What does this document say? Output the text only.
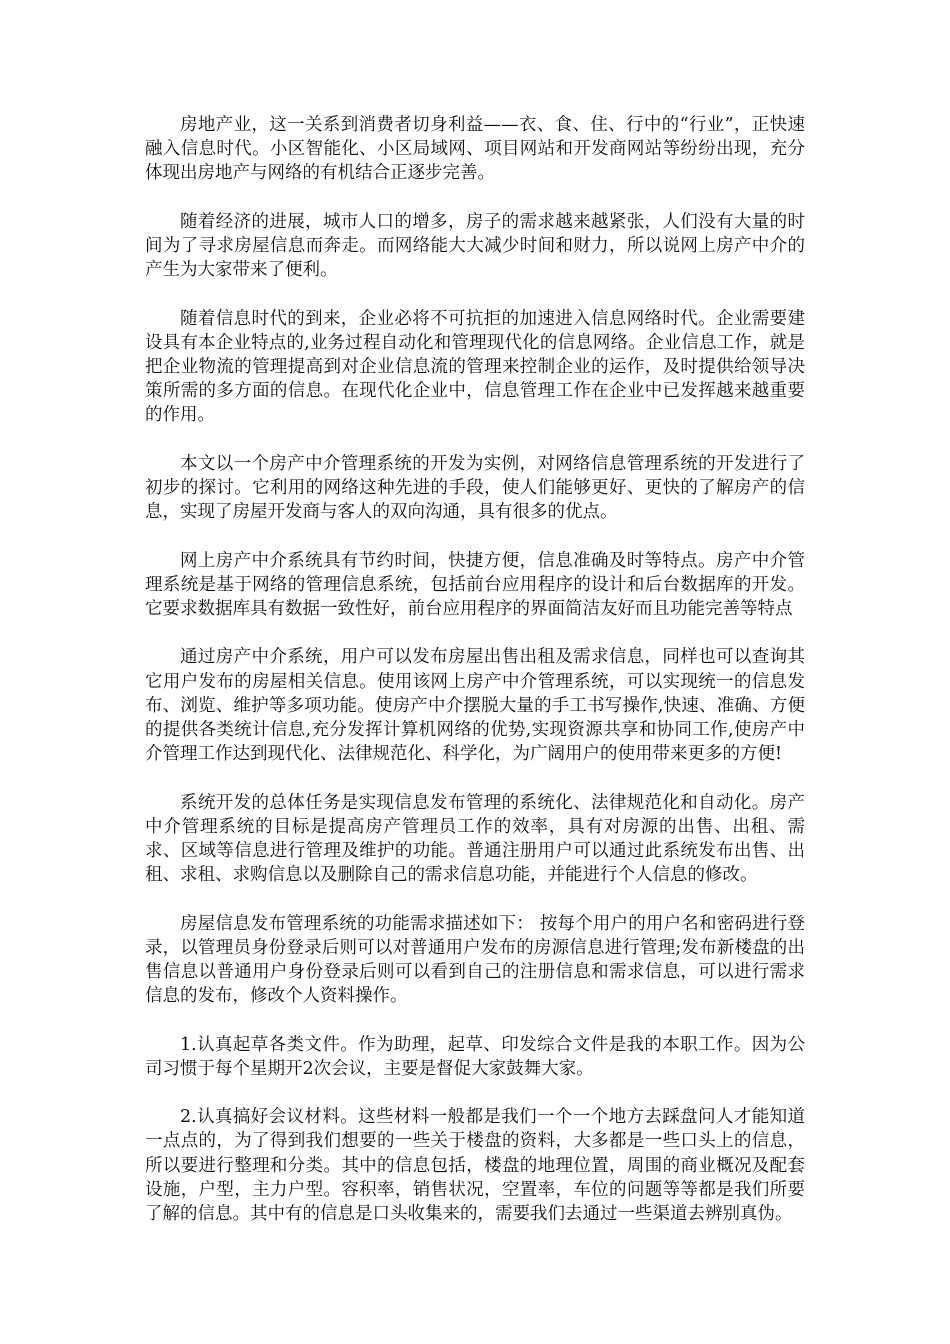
房地产业，这一关系到消费者切身利益——衣、食、住、行中的“行业”，正快速融入信息时代。小区智能化、小区局域网、项目网站和开发商网站等纷纷出现，充分体现出房地产与网络的有机结合正逐步完善。

随着经济的进展，城市人口的增多，房子的需求越来越紧张，人们没有大量的时间为了寻求房屋信息而奔走。而网络能大大减少时间和财力，所以说网上房产中介的产生为大家带来了便利。

随着信息时代的到来，企业必将不可抗拒的加速进入信息网络时代。企业需要建设具有本企业特点的,业务过程自动化和管理现代化的信息网络。企业信息工作，就是把企业物流的管理提高到对企业信息流的管理来控制企业的运作，及时提供给领导决策所需的多方面的信息。在现代化企业中，信息管理工作在企业中已发挥越来越重要的作用。

本文以一个房产中介管理系统的开发为实例，对网络信息管理系统的开发进行了初步的探讨。它利用的网络这种先进的手段，使人们能够更好、更快的了解房产的信息，实现了房屋开发商与客人的双向沟通，具有很多的优点。

网上房产中介系统具有节约时间，快捷方便，信息准确及时等特点。房产中介管理系统是基于网络的管理信息系统，包括前台应用程序的设计和后台数据库的开发。它要求数据库具有数据一致性好，前台应用程序的界面简洁友好而且功能完善等特点

通过房产中介系统，用户可以发布房屋出售出租及需求信息，同样也可以查询其它用户发布的房屋相关信息。使用该网上房产中介管理系统，可以实现统一的信息发布、浏览、维护等多项功能。使房产中介摆脱大量的手工书写操作,快速、准确、方便的提供各类统计信息,充分发挥计算机网络的优势,实现资源共享和协同工作,使房产中介管理工作达到现代化、法律规范化、科学化，为广阔用户的使用带来更多的方便!

系统开发的总体任务是实现信息发布管理的系统化、法律规范化和自动化。房产中介管理系统的目标是提高房产管理员工作的效率，具有对房源的出售、出租、需求、区域等信息进行管理及维护的功能。普通注册用户可以通过此系统发布出售、出租、求租、求购信息以及删除自己的需求信息功能，并能进行个人信息的修改。

房屋信息发布管理系统的功能需求描述如下： 按每个用户的用户名和密码进行登录，以管理员身份登录后则可以对普通用户发布的房源信息进行管理;发布新楼盘的出售信息以普通用户身份登录后则可以看到自己的注册信息和需求信息，可以进行需求信息的发布，修改个人资料操作。

1.认真起草各类文件。作为助理，起草、印发综合文件是我的本职工作。因为公司习惯于每个星期开2次会议，主要是督促大家鼓舞大家。

2.认真搞好会议材料。这些材料一般都是我们一个一个地方去踩盘问人才能知道一点点的，为了得到我们想要的一些关于楼盘的资料，大多都是一些口头上的信息，所以要进行整理和分类。其中的信息包括，楼盘的地理位置，周围的商业概况及配套设施，户型，主力户型。容积率，销售状况，空置率，车位的问题等等都是我们所要了解的信息。其中有的信息是口头收集来的，需要我们去通过一些渠道去辨别真伪。
